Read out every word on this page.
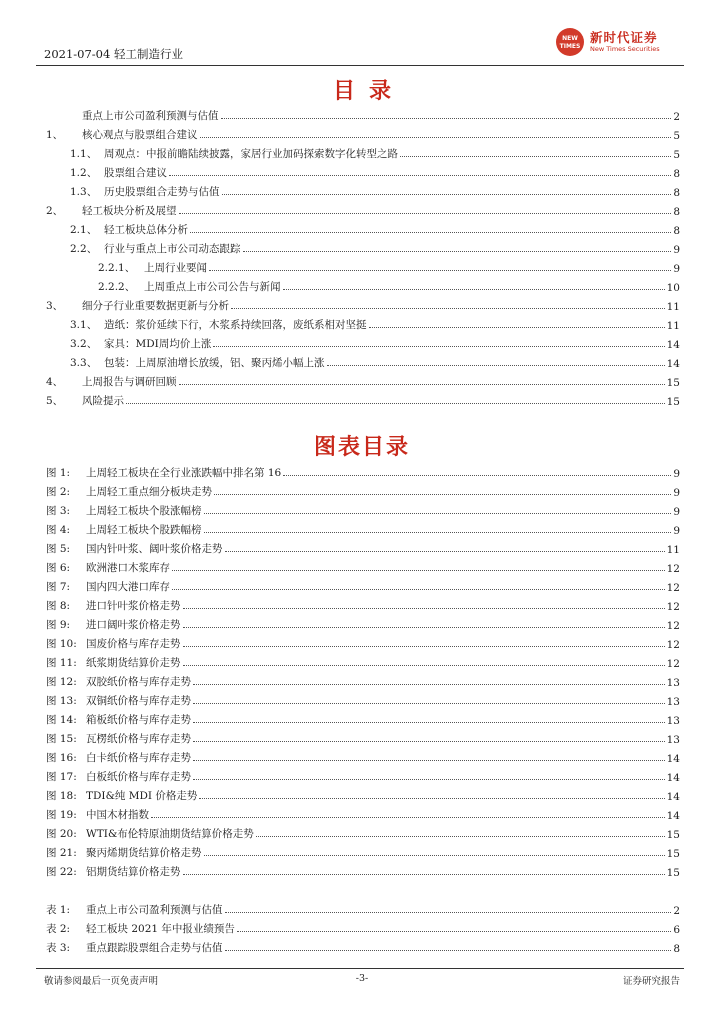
2021-07-04 轻工制造行业
NEW TIMES
新时代证券
New Times Securities
目录
重点上市公司盈利预测与估值	2
1、	核心观点与股票组合建议	5
1.1、 周观点：中报前瞻陆续披露，家居行业加码探索数字化转型之路	5
1.2、 股票组合建议	8
1.3、 历史股票组合走势与估值	8
2、	轻工板块分析及展望	8
2.1、 轻工板块总体分析	8
2.2、 行业与重点上市公司动态跟踪	9
2.2.1、 上周行业要闻	9
2.2.2、 上周重点上市公司公告与新闻	10
3、	细分子行业重要数据更新与分析	11
3.1、 造纸：浆价延续下行，木浆系持续回落，废纸系相对坚挺	11
3.2、 家具：MDI周均价上涨	14
3.3、 包装：上周原油增长放缓，铝、聚丙烯小幅上涨	14
4、	上周报告与调研回顾	15
5、	风险提示	15
图表目录
图 1:	上周轻工板块在全行业涨跌幅中排名第 16	9
图 2:	上周轻工重点细分板块走势	9
图 3:	上周轻工板块个股涨幅榜	9
图 4:	上周轻工板块个股跌幅榜	9
图 5:	国内针叶浆、阔叶浆价格走势	11
图 6:	欧洲港口木浆库存	12
图 7:	国内四大港口库存	12
图 8:	进口针叶浆价格走势	12
图 9:	进口阔叶浆价格走势	12
图 10: 国废价格与库存走势	12
图 11: 纸浆期货结算价走势	12
图 12: 双胶纸价格与库存走势	13
图 13: 双铜纸价格与库存走势	13
图 14: 箱板纸价格与库存走势	13
图 15: 瓦楞纸价格与库存走势	13
图 16: 白卡纸价格与库存走势	14
图 17: 白板纸价格与库存走势	14
图 18: TDI&纯 MDI 价格走势	14
图 19: 中国木材指数	14
图 20: WTI&布伦特原油期货结算价格走势	15
图 21: 聚丙烯期货结算价格走势	15
图 22: 铝期货结算价格走势	15
表 1:	重点上市公司盈利预测与估值	2
表 2:	轻工板块 2021 年中报业绩预告	6
表 3:	重点跟踪股票组合走势与估值	8
敬请参阅最后一页免责声明	-3-	证券研究报告
